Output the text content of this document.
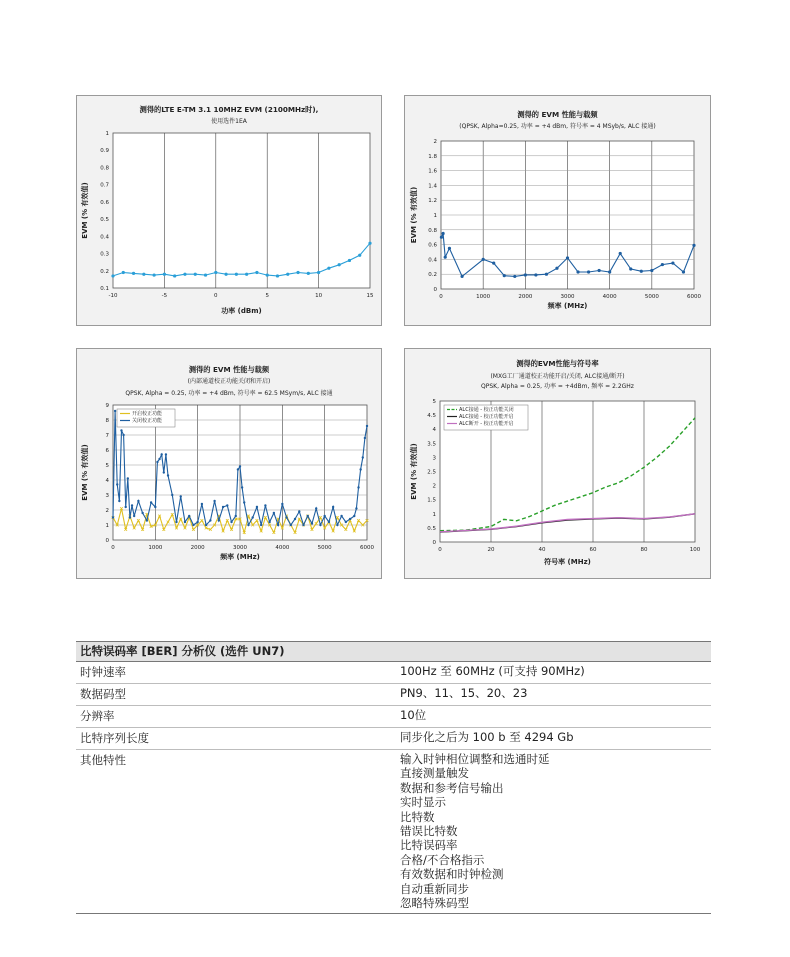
-10	-5	0	5	10	15
0.1
0.2
0.3
0.4
0.5
0.6
0.7
0.8
0.9
1
测得的LTE E-TM 3.1 10MHZ EVM (2100MHz时),
使用选件1EA
功率 (dBm)
EVM (% 有效值)
0	1000	2000	3000	4000	5000	6000
0
0.2
0.4
0.6
0.8
1
1.2
1.4
1.6
1.8
2
测得的 EVM 性能与载频
(QPSK, Alpha=0.25, 功率 = +4 dBm, 符号率 = 4 MSyb/s, ALC 接通)
频率 (MHz)
EVM (% 有效值)
0	1000	2000	3000	4000	5000	6000
0
1
2
3
4
5
6
7
8
9
测得的 EVM 性能与载频
(内部通道校正功能关闭和开启)
QPSK, Alpha = 0.25, 功率 = +4 dBm, 符号率 = 62.5 MSym/s, ALC 接通
频率 (MHz)
EVM (% 有效值)
开启校正功能
关闭校正功能
0	20	40	60	80	100
0
0.5
1
1.5
2
2.5
3
3.5
4
4.5
5
测得的EVM性能与符号率
(MXG工厂通道校正功能开启/关闭, ALC接通/断开)
QPSK, Alpha = 0.25, 功率 = +4dBm, 频率 = 2.2GHz
符号率 (MHz)
EVM (% 有效值)
ALC接通 - 校正功能关闭
ALC接通 - 校正功能开启
ALC断开 - 校正功能开启
比特误码率 [BER] 分析仪 (选件 UN7)
时钟速率	100Hz 至 60MHz (可支持 90MHz)
数据码型	PN9、11、15、20、23
分辨率	10位
比特序列长度	同步化之后为 100 b 至 4294 Gb
其他特性	输入时钟相位调整和选通时延
直接测量触发
数据和参考信号输出
实时显示
比特数
错误比特数
比特误码率
合格/不合格指示
有效数据和时钟检测
自动重新同步
忽略特殊码型
